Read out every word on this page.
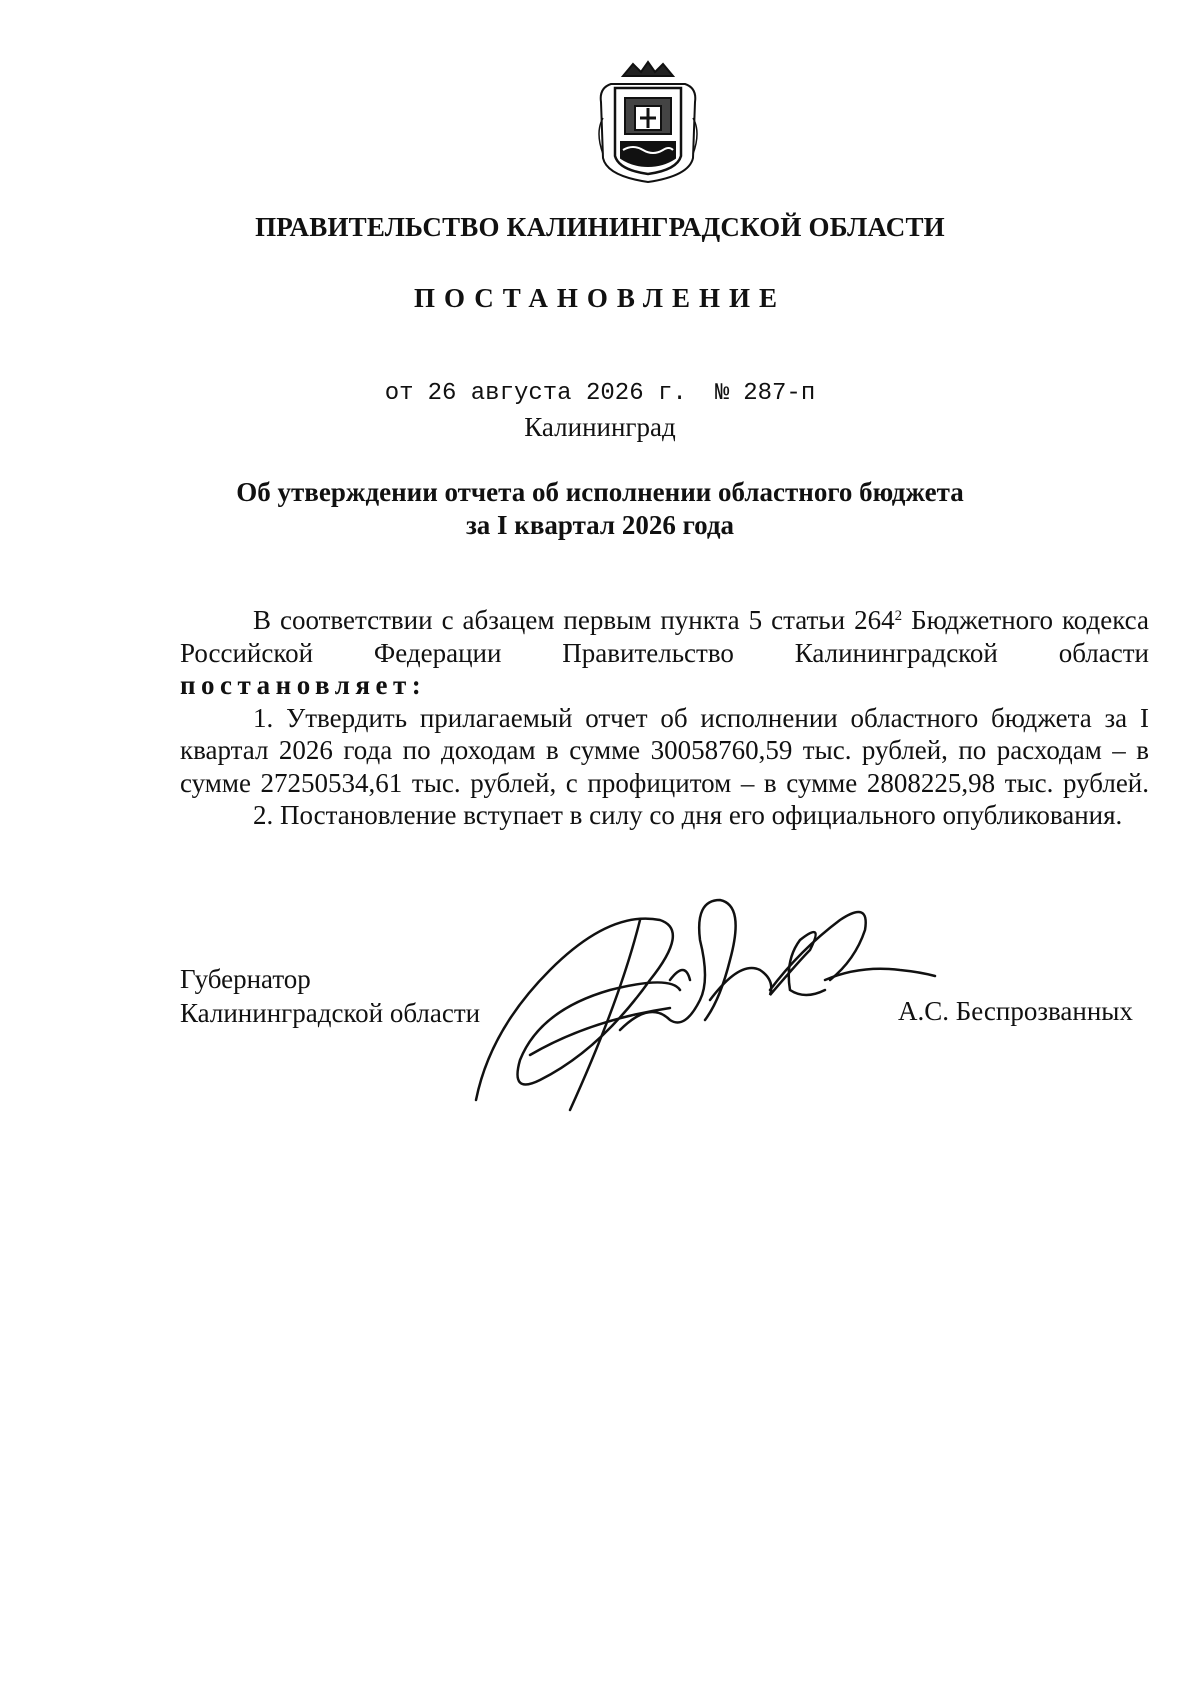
ПРАВИТЕЛЬСТВО КАЛИНИНГРАДСКОЙ ОБЛАСТИ
ПОСТАНОВЛЕНИЕ
от 26 августа 2026 г. № 287-п
Калининград
Об утверждении отчета об исполнении областного бюджета
за I квартал 2026 года

В соответствии с абзацем первым пункта 5 статьи $264^2$ Бюджетного кодекса Российской Федерации Правительство Калининградской области постановляет:

1. Утвердить прилагаемый отчет об исполнении областного бюджета за I квартал 2026 года по доходам в сумме 30058760,59 тыс. рублей, по расходам – в сумме 27250534,61 тыс. рублей, с профицитом – в сумме 2808225,98 тыс. рублей.

2. Постановление вступает в силу со дня его официального опубликования.

Губернатор
Калининградской области	А.С. Беспрозванных
